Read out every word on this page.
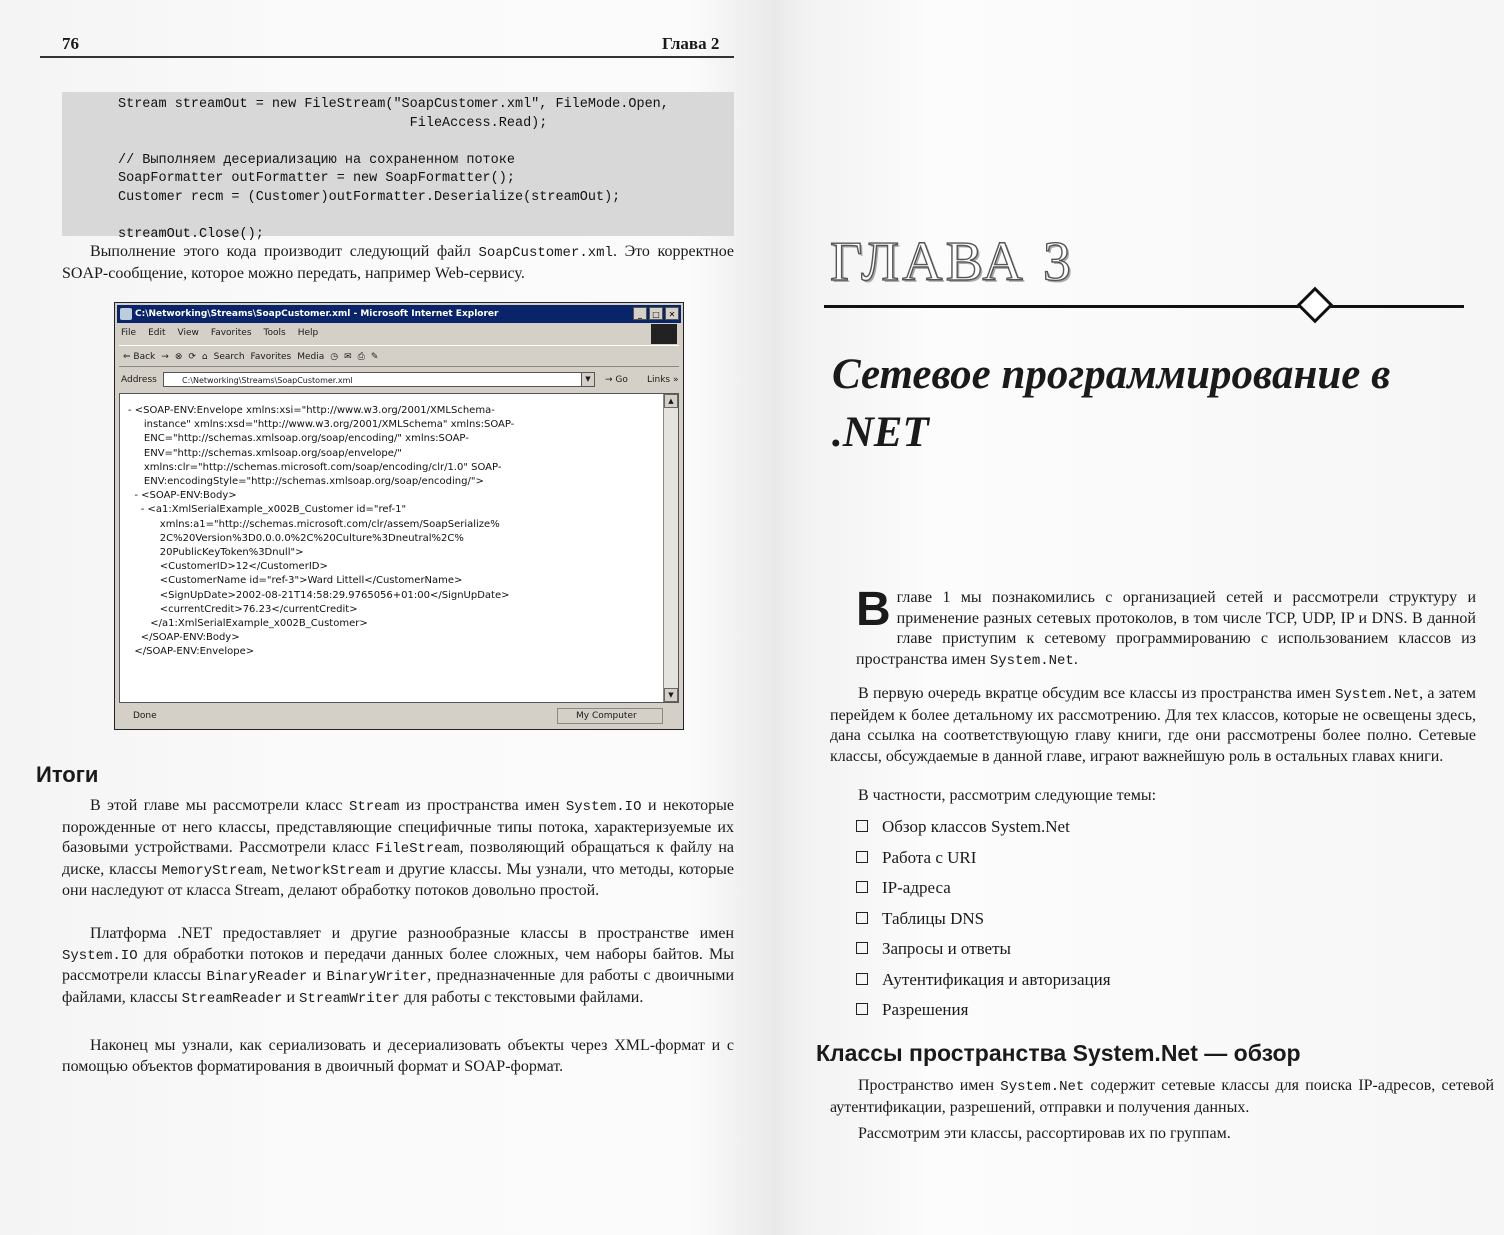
76	Глава 2
Stream streamOut = new FileStream("SoapCustomer.xml", FileMode.Open,
FileAccess.Read);

// Выполняем десериализацию на сохраненном потоке
SoapFormatter outFormatter = new SoapFormatter();
Customer recm = (Customer)outFormatter.Deserialize(streamOut);

streamOut.Close();

Выполнение этого кода производит следующий файл SoapCustomer.xml. Это корректное SOAP-сообщение, которое можно передать, например Web-сервису.

C:\Networking\Streams\SoapCustomer.xml - Microsoft Internet Explorer	_	□	✕
File Edit View Favorites Tools Help
⇐ Back → ⊗ ⟳ ⌂ Search Favorites Media ◷ ✉ ⎙ ✎
Address	C:\Networking\Streams\SoapCustomer.xml	▼	→ Go Links »
- <SOAP-ENV:Envelope xmlns:xsi="http://www.w3.org/2001/XMLSchema-
instance" xmlns:xsd="http://www.w3.org/2001/XMLSchema" xmlns:SOAP-
ENC="http://schemas.xmlsoap.org/soap/encoding/" xmlns:SOAP-
ENV="http://schemas.xmlsoap.org/soap/envelope/"
xmlns:clr="http://schemas.microsoft.com/soap/encoding/clr/1.0" SOAP-
ENV:encodingStyle="http://schemas.xmlsoap.org/soap/encoding/">
- <SOAP-ENV:Body>
- <a1:XmlSerialExample_x002B_Customer id="ref-1"
xmlns:a1="http://schemas.microsoft.com/clr/assem/SoapSerialize%
2C%20Version%3D0.0.0.0%2C%20Culture%3Dneutral%2C%
20PublicKeyToken%3Dnull">
<CustomerID>12</CustomerID>
<CustomerName id="ref-3">Ward Littell</CustomerName>
<SignUpDate>2002-08-21T14:58:29.9765056+01:00</SignUpDate>
<currentCredit>76.23</currentCredit>
</a1:XmlSerialExample_x002B_Customer>
</SOAP-ENV:Body>
</SOAP-ENV:Envelope>
▲
▼
Done	My Computer
Итоги

В этой главе мы рассмотрели класс Stream из пространства имен System.IO и некоторые порожденные от него классы, представляющие специфичные типы потока, характеризуемые их базовыми устройствами. Рассмотрели класс FileStream, позволяющий обращаться к файлу на диске, классы MemoryStream, NetworkStream и другие классы. Мы узнали, что методы, которые они наследуют от класса Stream, делают обработку потоков довольно простой.

Платформа .NET предоставляет и другие разнообразные классы в пространстве имен System.IO для обработки потоков и передачи данных более сложных, чем наборы байтов. Мы рассмотрели классы BinaryReader и BinaryWriter, предназначенные для работы с двоичными файлами, классы StreamReader и StreamWriter для работы с текстовыми файлами.

Наконец мы узнали, как сериализовать и десериализовать объекты через XML-формат и с помощью объектов форматирования в двоичный формат и SOAP-формат.

ГЛАВА 3
Сетевое программирование в .NET

В главе 1 мы познакомились с организацией сетей и рассмотрели структуру и применение разных сетевых протоколов, в том числе TCP, UDP, IP и DNS. В данной главе приступим к сетевому программированию с использованием классов из пространства имен System.Net.

В первую очередь вкратце обсудим все классы из пространства имен System.Net, а затем перейдем к более детальному их рассмотрению. Для тех классов, которые не освещены здесь, дана ссылка на соответствующую главу книги, где они рассмотрены более полно. Сетевые классы, обсуждаемые в данной главе, играют важнейшую роль в остальных главах книги.

В частности, рассмотрим следующие темы:

Обзор классов System.Net
Работа с URI
IP-адреса
Таблицы DNS
Запросы и ответы
Аутентификация и авторизация
Разрешения
Классы пространства System.Net — обзор

Пространство имен System.Net содержит сетевые классы для поиска IP-адресов, сетевой аутентификации, разрешений, отправки и получения данных.

Рассмотрим эти классы, рассортировав их по группам.
